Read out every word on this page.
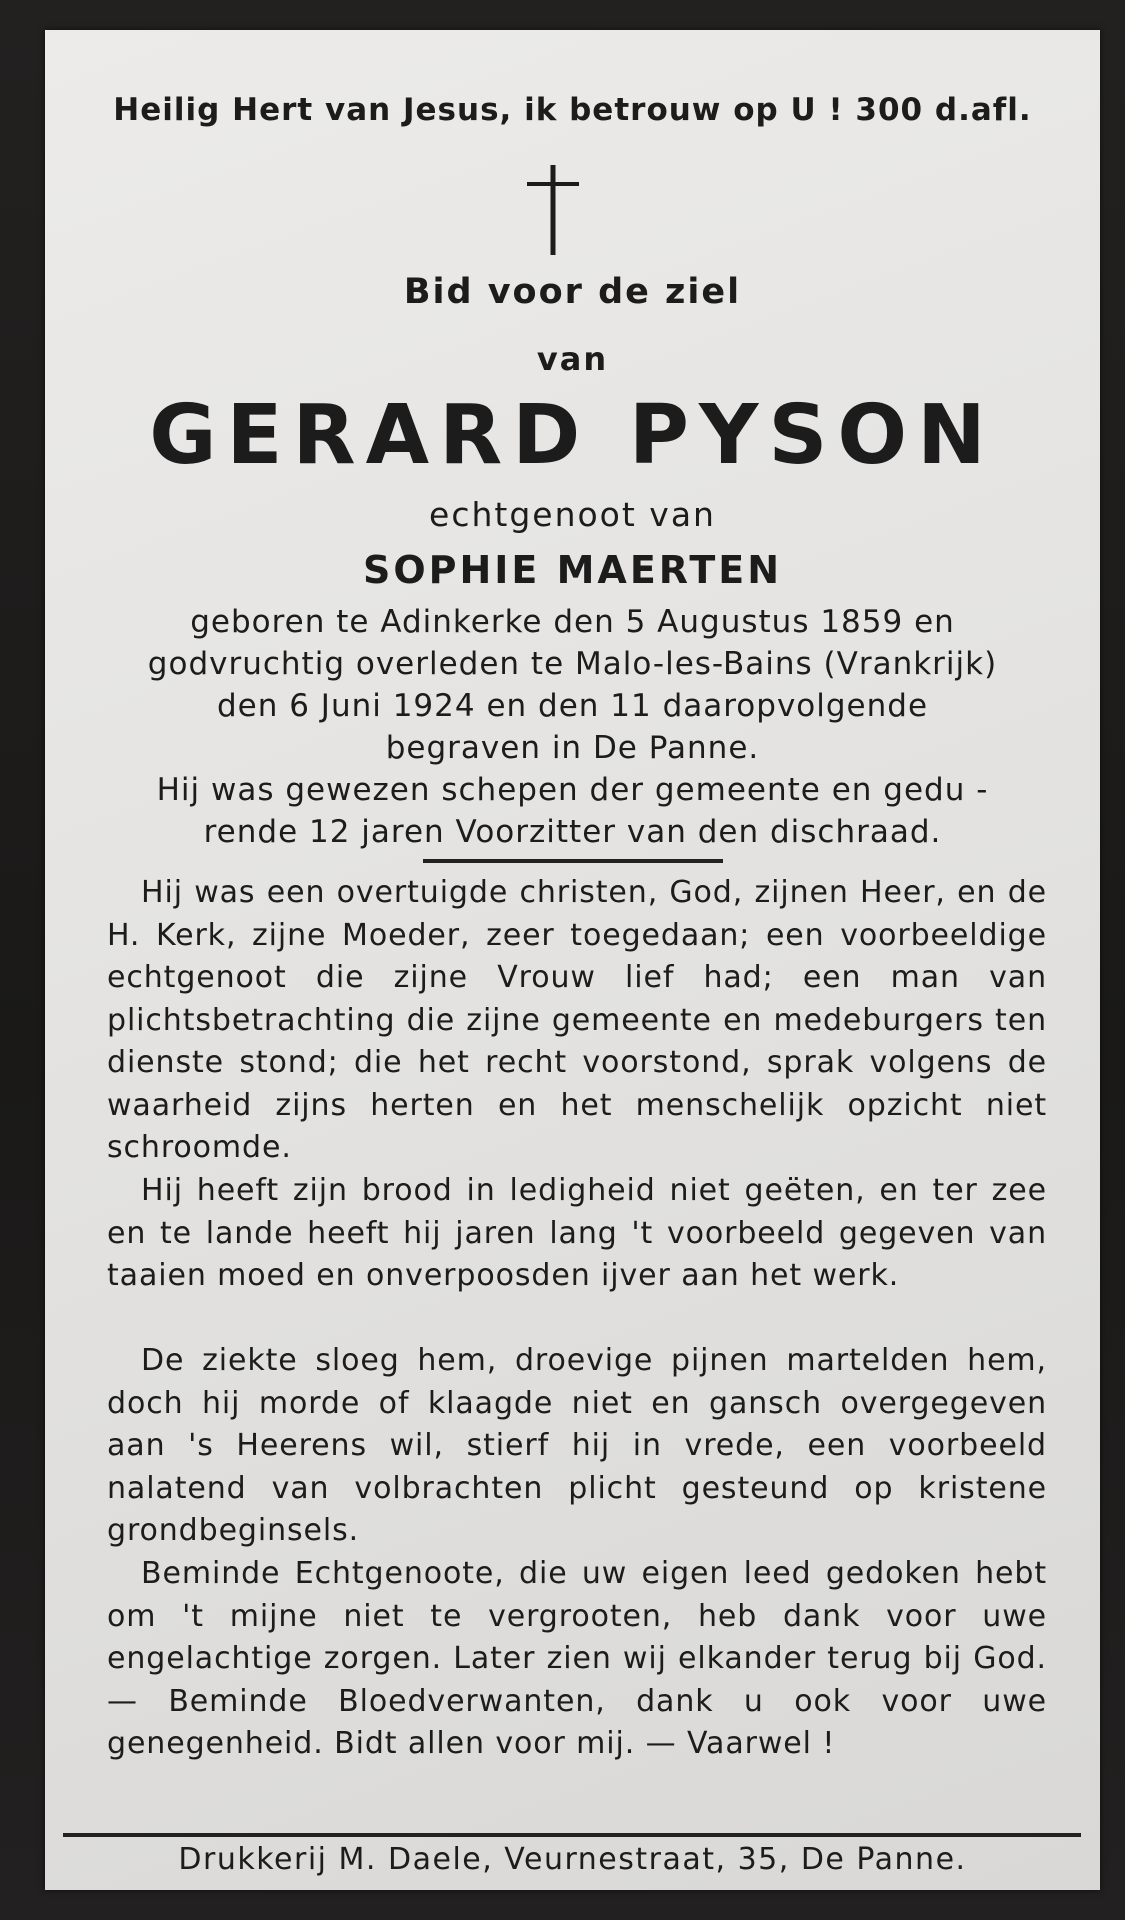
Heilig Hert van Jesus, ik betrouw op U ! 300 d.afl.
Bid voor de ziel
van
GERARD PYSON
echtgenoot van
SOPHIE MAERTEN
geboren te Adinkerke den 5 Augustus 1859 en
godvruchtig overleden te Malo-les-Bains (Vrankrijk)
den 6 Juni 1924 en den 11 daaropvolgende
begraven in De Panne.
Hij was gewezen schepen der gemeente en gedu -
rende 12 jaren Voorzitter van den dischraad.

Hij was een overtuigde christen, God, zijnen Heer, en de H. Kerk, zijne Moeder, zeer toegedaan; een voorbeeldige echtgenoot die zijne Vrouw lief had; een man van plichtsbetrachting die zijne gemeente en medeburgers ten dienste stond; die het recht voorstond, sprak volgens de waarheid zijns herten en het menschelijk opzicht niet schroomde.

Hij heeft zijn brood in ledigheid niet geëten, en ter zee en te lande heeft hij jaren lang 't voorbeeld gegeven van taaien moed en onverpoosden ijver aan het werk.

De ziekte sloeg hem, droevige pijnen martelden hem, doch hij morde of klaagde niet en gansch overgegeven aan 's Heerens wil, stierf hij in vrede, een voorbeeld nalatend van volbrachten plicht gesteund op kristene grondbeginsels.

Beminde Echtgenoote, die uw eigen leed gedoken hebt om 't mijne niet te vergrooten, heb dank voor uwe engelachtige zorgen. Later zien wij elkander terug bij God. — Beminde Bloedverwanten, dank u ook voor uwe genegenheid. Bidt allen voor mij. — Vaarwel !

Drukkerij M. Daele, Veurnestraat, 35, De Panne.
